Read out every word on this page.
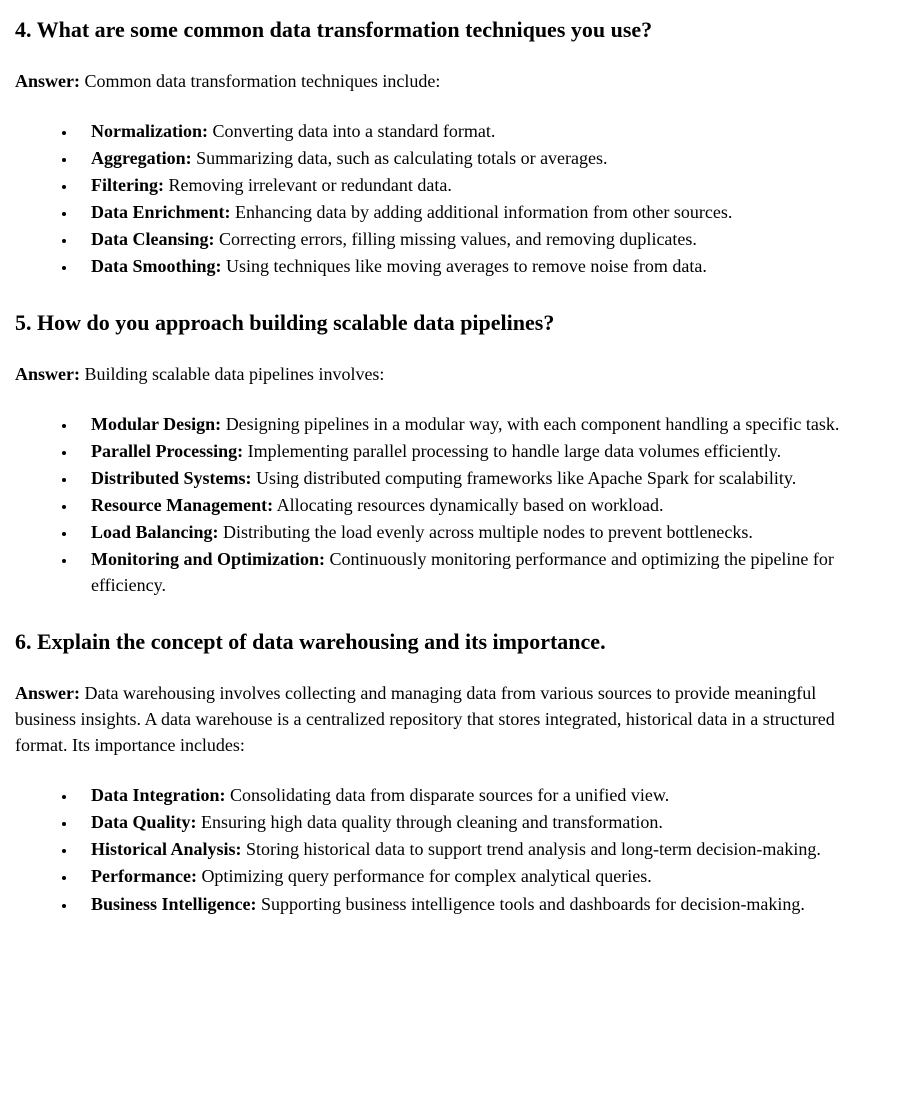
4. What are some common data transformation techniques you use?

Answer: Common data transformation techniques include:

• Normalization: Converting data into a standard format.
• Aggregation: Summarizing data, such as calculating totals or averages.
• Filtering: Removing irrelevant or redundant data.
• Data Enrichment: Enhancing data by adding additional information from other sources.
• Data Cleansing: Correcting errors, filling missing values, and removing duplicates.
• Data Smoothing: Using techniques like moving averages to remove noise from data.
5. How do you approach building scalable data pipelines?

Answer: Building scalable data pipelines involves:

• Modular Design: Designing pipelines in a modular way, with each component handling a specific task.
• Parallel Processing: Implementing parallel processing to handle large data volumes efficiently.
• Distributed Systems: Using distributed computing frameworks like Apache Spark for scalability.
• Resource Management: Allocating resources dynamically based on workload.
• Load Balancing: Distributing the load evenly across multiple nodes to prevent bottlenecks.
• Monitoring and Optimization: Continuously monitoring performance and optimizing the pipeline for efficiency.
6. Explain the concept of data warehousing and its importance.

Answer: Data warehousing involves collecting and managing data from various sources to provide meaningful business insights. A data warehouse is a centralized repository that stores integrated, historical data in a structured format. Its importance includes:

• Data Integration: Consolidating data from disparate sources for a unified view.
• Data Quality: Ensuring high data quality through cleaning and transformation.
• Historical Analysis: Storing historical data to support trend analysis and long-term decision-making.
• Performance: Optimizing query performance for complex analytical queries.
• Business Intelligence: Supporting business intelligence tools and dashboards for decision-making.
